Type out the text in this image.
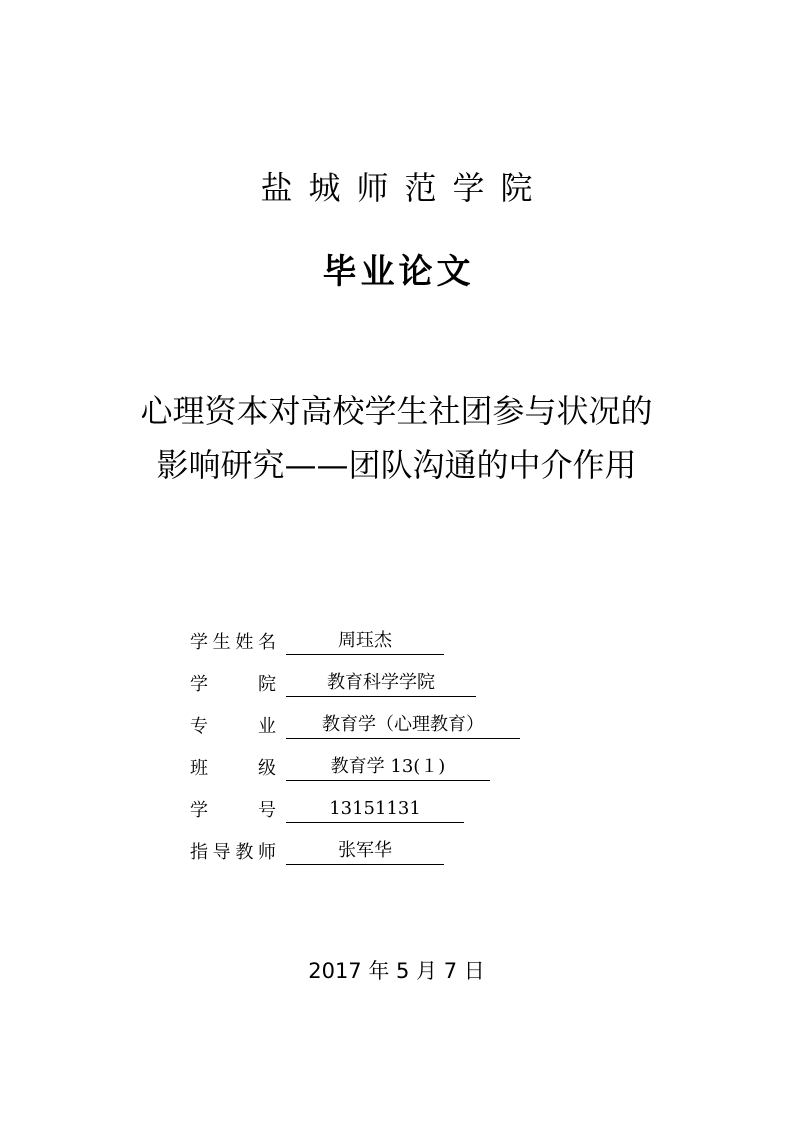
盐城师范学院
毕业论文
心理资本对高校学生社团参与状况的
影响研究——团队沟通的中介作用
学 生 姓 名	周珏杰
学	院	教育科学学院
专	业	教育学（心理教育）
班	级	教育学 13(１)
学	号	13151131
指 导 教 师	张军华
2017 年 5 月 7 日
